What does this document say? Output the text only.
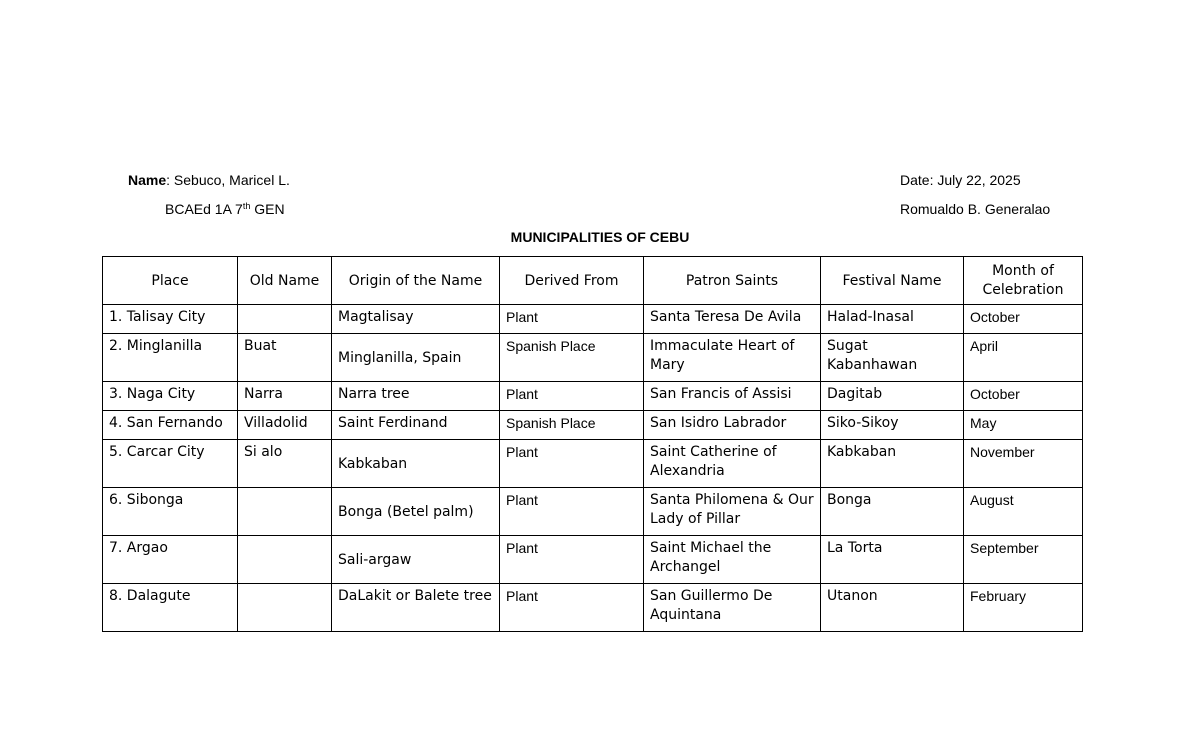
Name: Sebuco, Maricel L.
BCAEd 1A 7th GEN
Date: July 22, 2025
Romualdo B. Generalao
MUNICIPALITIES OF CEBU
Place	Old Name	Origin of the Name	Derived From	Patron Saints	Festival Name	Month of Celebration
1. Talisay City		Magtalisay	Plant	Santa Teresa De Avila	Halad-Inasal	October
2. Minglanilla	Buat	Minglanilla, Spain	Spanish Place	Immaculate Heart of Mary	Sugat Kabanhawan	April
3. Naga City	Narra	Narra tree	Plant	San Francis of Assisi	Dagitab	October
4. San Fernando	Villadolid	Saint Ferdinand	Spanish Place	San Isidro Labrador	Siko-Sikoy	May
5. Carcar City	Si alo	Kabkaban	Plant	Saint Catherine of Alexandria	Kabkaban	November
6. Sibonga		Bonga (Betel palm)	Plant	Santa Philomena & Our Lady of Pillar	Bonga	August
7. Argao		Sali-argaw	Plant	Saint Michael the Archangel	La Torta	September
8. Dalagute		DaLakit or Balete tree	Plant	San Guillermo De Aquintana	Utanon	February
